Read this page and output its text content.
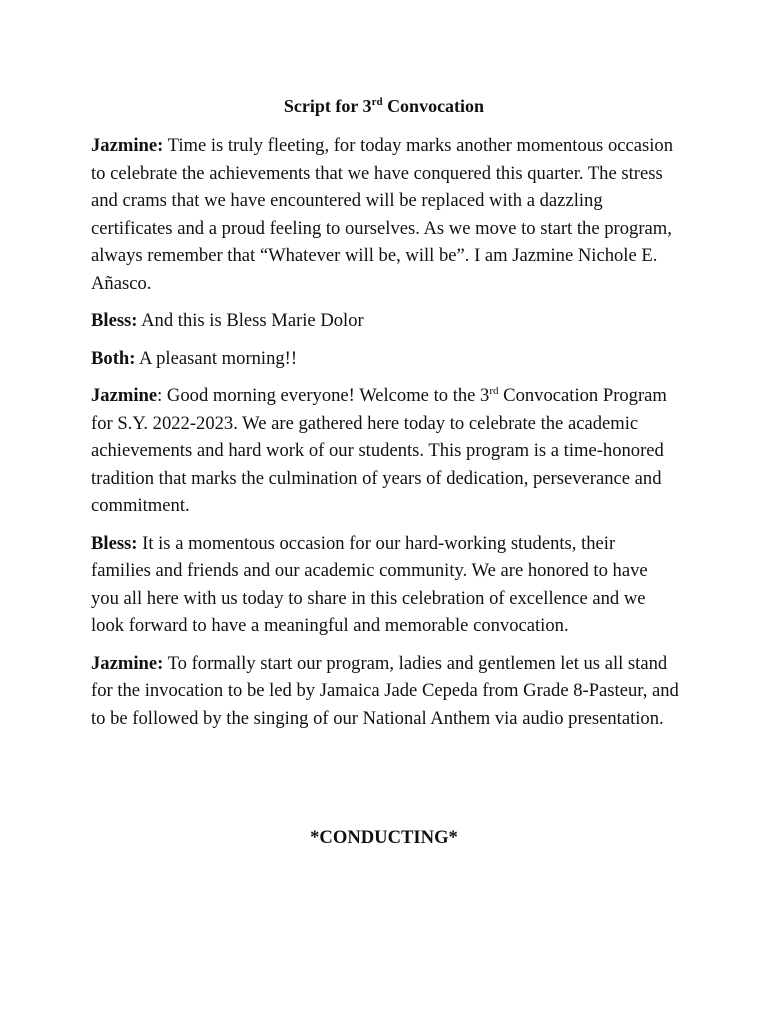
Script for 3rd Convocation

Jazmine: Time is truly fleeting, for today marks another momentous occasion to celebrate the achievements that we have conquered this quarter. The stress and crams that we have encountered will be replaced with a dazzling certificates and a proud feeling to ourselves. As we move to start the program, always remember that “Whatever will be, will be”. I am Jazmine Nichole E. Añasco.

Bless: And this is Bless Marie Dolor

Both: A pleasant morning!!

Jazmine: Good morning everyone! Welcome to the 3rd Convocation Program for S.Y. 2022-2023. We are gathered here today to celebrate the academic achievements and hard work of our students. This program is a time-honored tradition that marks the culmination of years of dedication, perseverance and commitment.

Bless: It is a momentous occasion for our hard-working students, their families and friends and our academic community. We are honored to have you all here with us today to share in this celebration of excellence and we look forward to have a meaningful and memorable convocation.

Jazmine: To formally start our program, ladies and gentlemen let us all stand for the invocation to be led by Jamaica Jade Cepeda from Grade 8-Pasteur, and to be followed by the singing of our National Anthem via audio presentation.

*CONDUCTING*
